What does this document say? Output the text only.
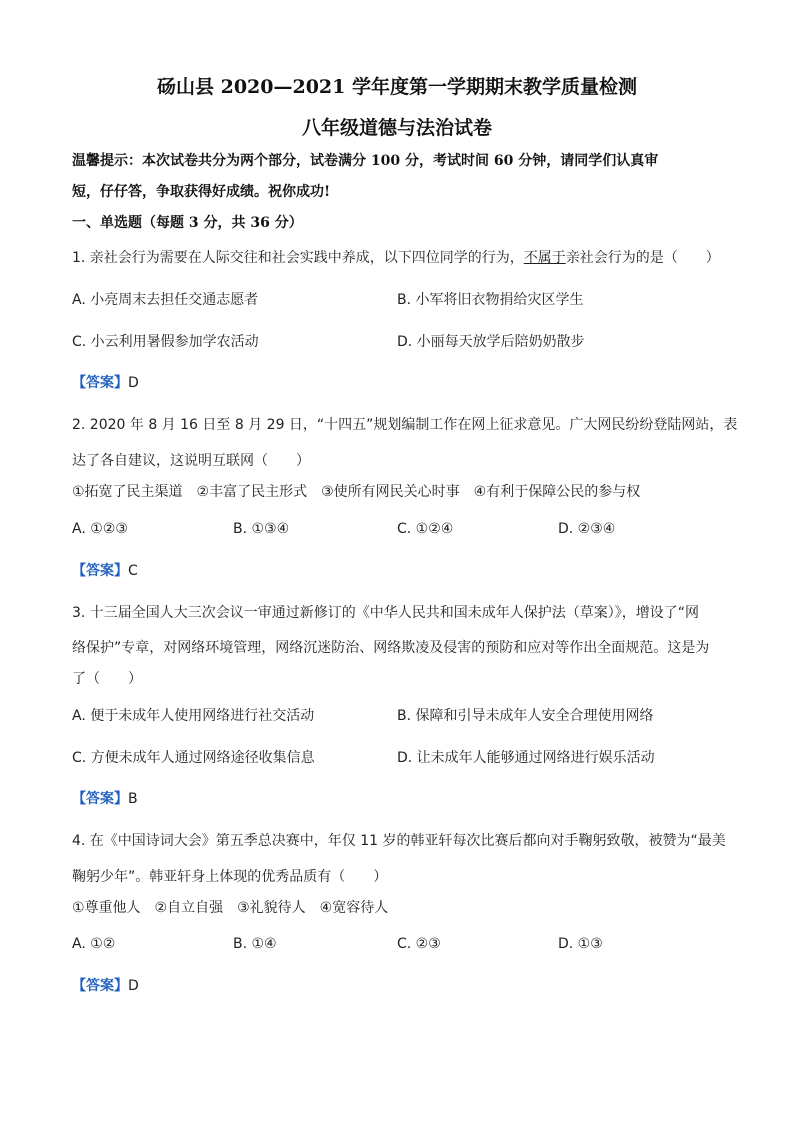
砀山县 2020—2021 学年度第一学期期末教学质量检测
八年级道德与法治试卷
温馨提示：本次试卷共分为两个部分，试卷满分 100 分，考试时间 60 分钟，请同学们认真审
短，仔仔答，争取获得好成绩。祝你成功!
一、单选题（每题 3 分，共 36 分）
1. 亲社会行为需要在人际交往和社会实践中养成，以下四位同学的行为，不属于亲社会行为的是（　　）
A. 小亮周末去担任交通志愿者	B. 小军将旧衣物捐给灾区学生
C. 小云利用暑假参加学农活动	D. 小丽每天放学后陪奶奶散步
【答案】D
2. 2020 年 8 月 16 日至 8 月 29 日，“十四五”规划编制工作在网上征求意见。广大网民纷纷登陆网站，表
达了各自建议，这说明互联网（　　）
①拓宽了民主渠道　②丰富了民主形式　③使所有网民关心时事　④有利于保障公民的参与权
A. ①②③	B. ①③④	C. ①②④	D. ②③④
【答案】C
3. 十三届全国人大三次会议一审通过新修订的《中华人民共和国未成年人保护法（草案）》，增设了“网
络保护”专章，对网络环境管理，网络沉迷防治、网络欺凌及侵害的预防和应对等作出全面规范。这是为
了（　　）
A. 便于未成年人使用网络进行社交活动	B. 保障和引导未成年人安全合理使用网络
C. 方便未成年人通过网络途径收集信息	D. 让未成年人能够通过网络进行娱乐活动
【答案】B
4. 在《中国诗词大会》第五季总决赛中，年仅 11 岁的韩亚轩每次比赛后都向对手鞠躬致敬，被赞为“最美
鞠躬少年”。韩亚轩身上体现的优秀品质有（　　）
①尊重他人　②自立自强　③礼貌待人　④宽容待人
A. ①②	B. ①④	C. ②③	D. ①③
【答案】D
